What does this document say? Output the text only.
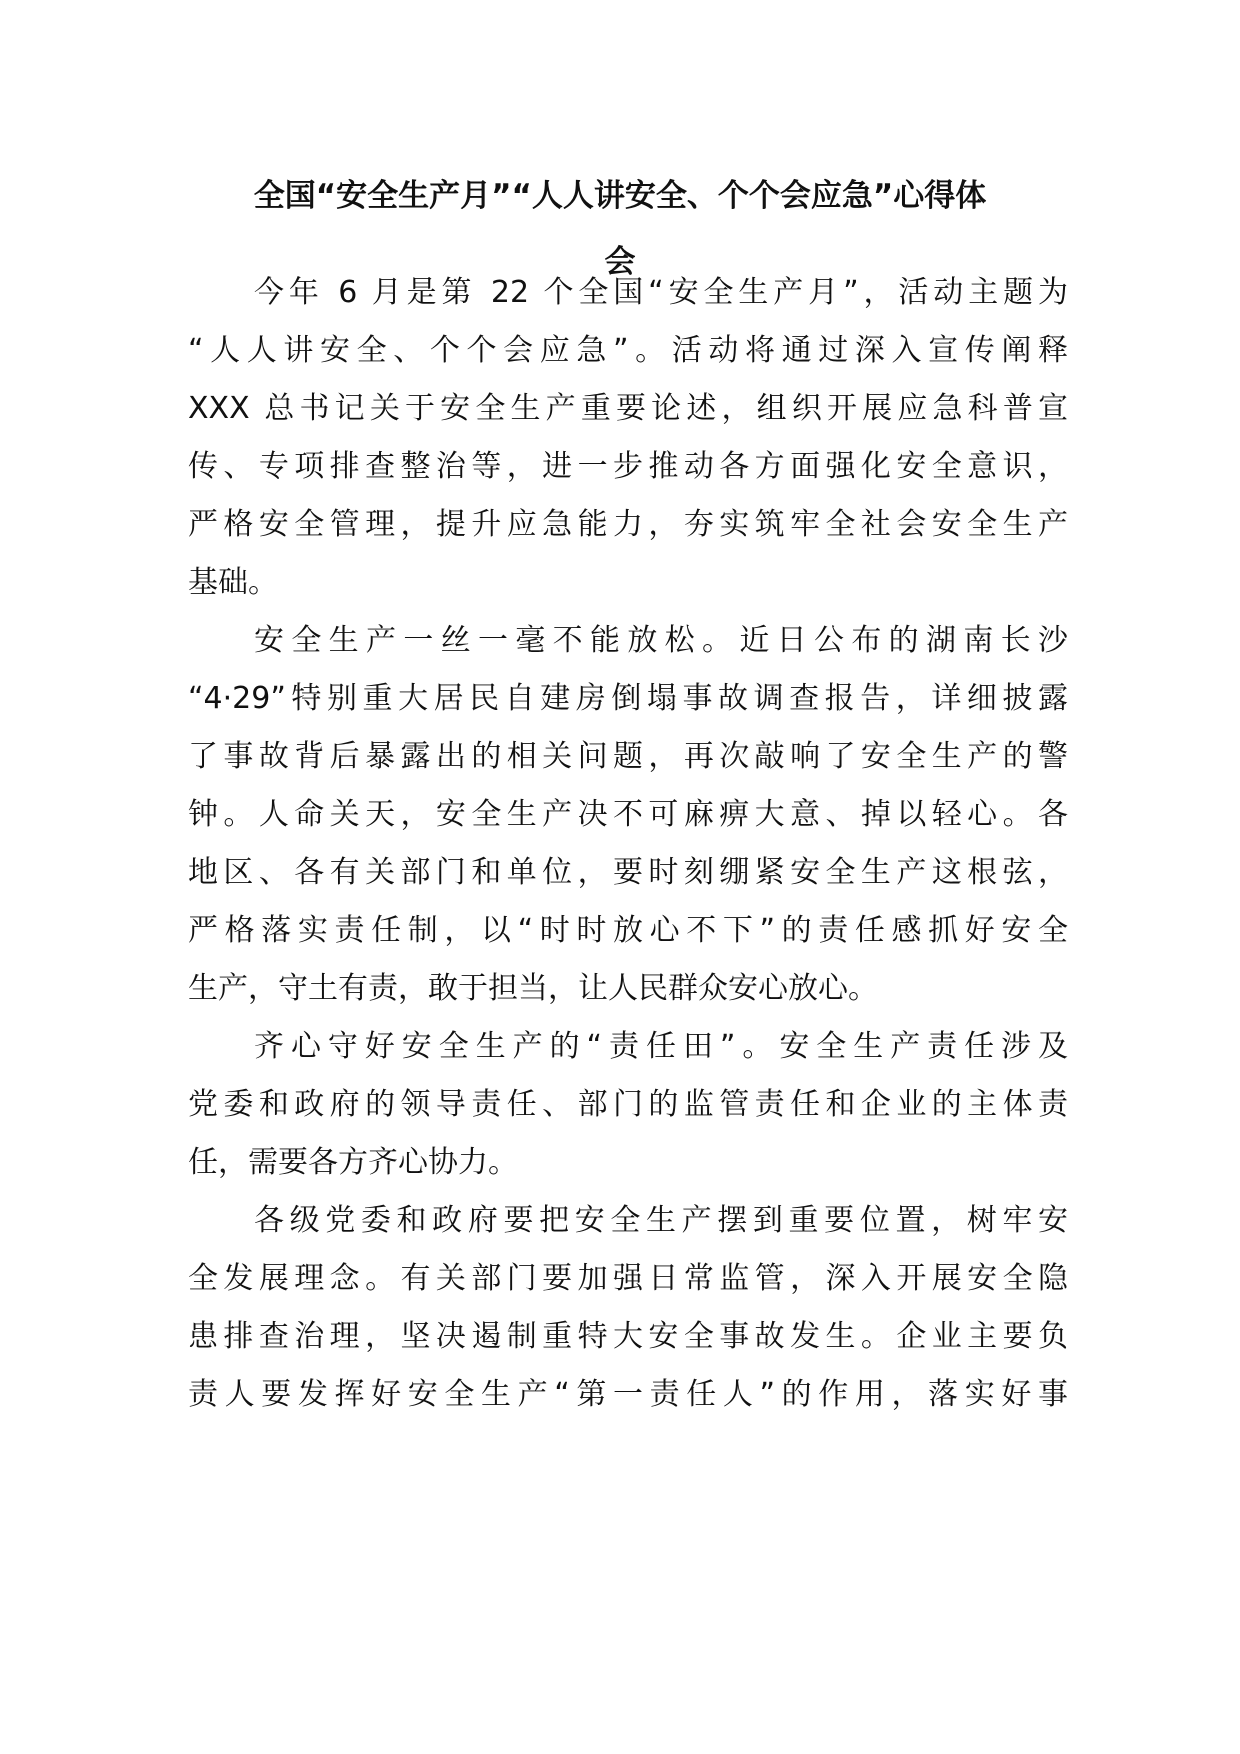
全国“安全生产月”“人人讲安全、个个会应急”心得体
会

今年 6 月是第 22 个全国“安全生产月”，活动主题为

“人人讲安全、个个会应急”。活动将通过深入宣传阐释

XXX 总书记关于安全生产重要论述，组织开展应急科普宣

传、专项排查整治等，进一步推动各方面强化安全意识，

严格安全管理，提升应急能力，夯实筑牢全社会安全生产

基础。

安全生产一丝一毫不能放松。近日公布的湖南长沙

“4·29”特别重大居民自建房倒塌事故调查报告，详细披露

了事故背后暴露出的相关问题，再次敲响了安全生产的警

钟。人命关天，安全生产决不可麻痹大意、掉以轻心。各

地区、各有关部门和单位，要时刻绷紧安全生产这根弦，

严格落实责任制，以“时时放心不下”的责任感抓好安全

生产，守土有责，敢于担当，让人民群众安心放心。

齐心守好安全生产的“责任田”。安全生产责任涉及

党委和政府的领导责任、部门的监管责任和企业的主体责

任，需要各方齐心协力。

各级党委和政府要把安全生产摆到重要位置，树牢安

全发展理念。有关部门要加强日常监管，深入开展安全隐

患排查治理，坚决遏制重特大安全事故发生。企业主要负

责人要发挥好安全生产“第一责任人”的作用，落实好事
